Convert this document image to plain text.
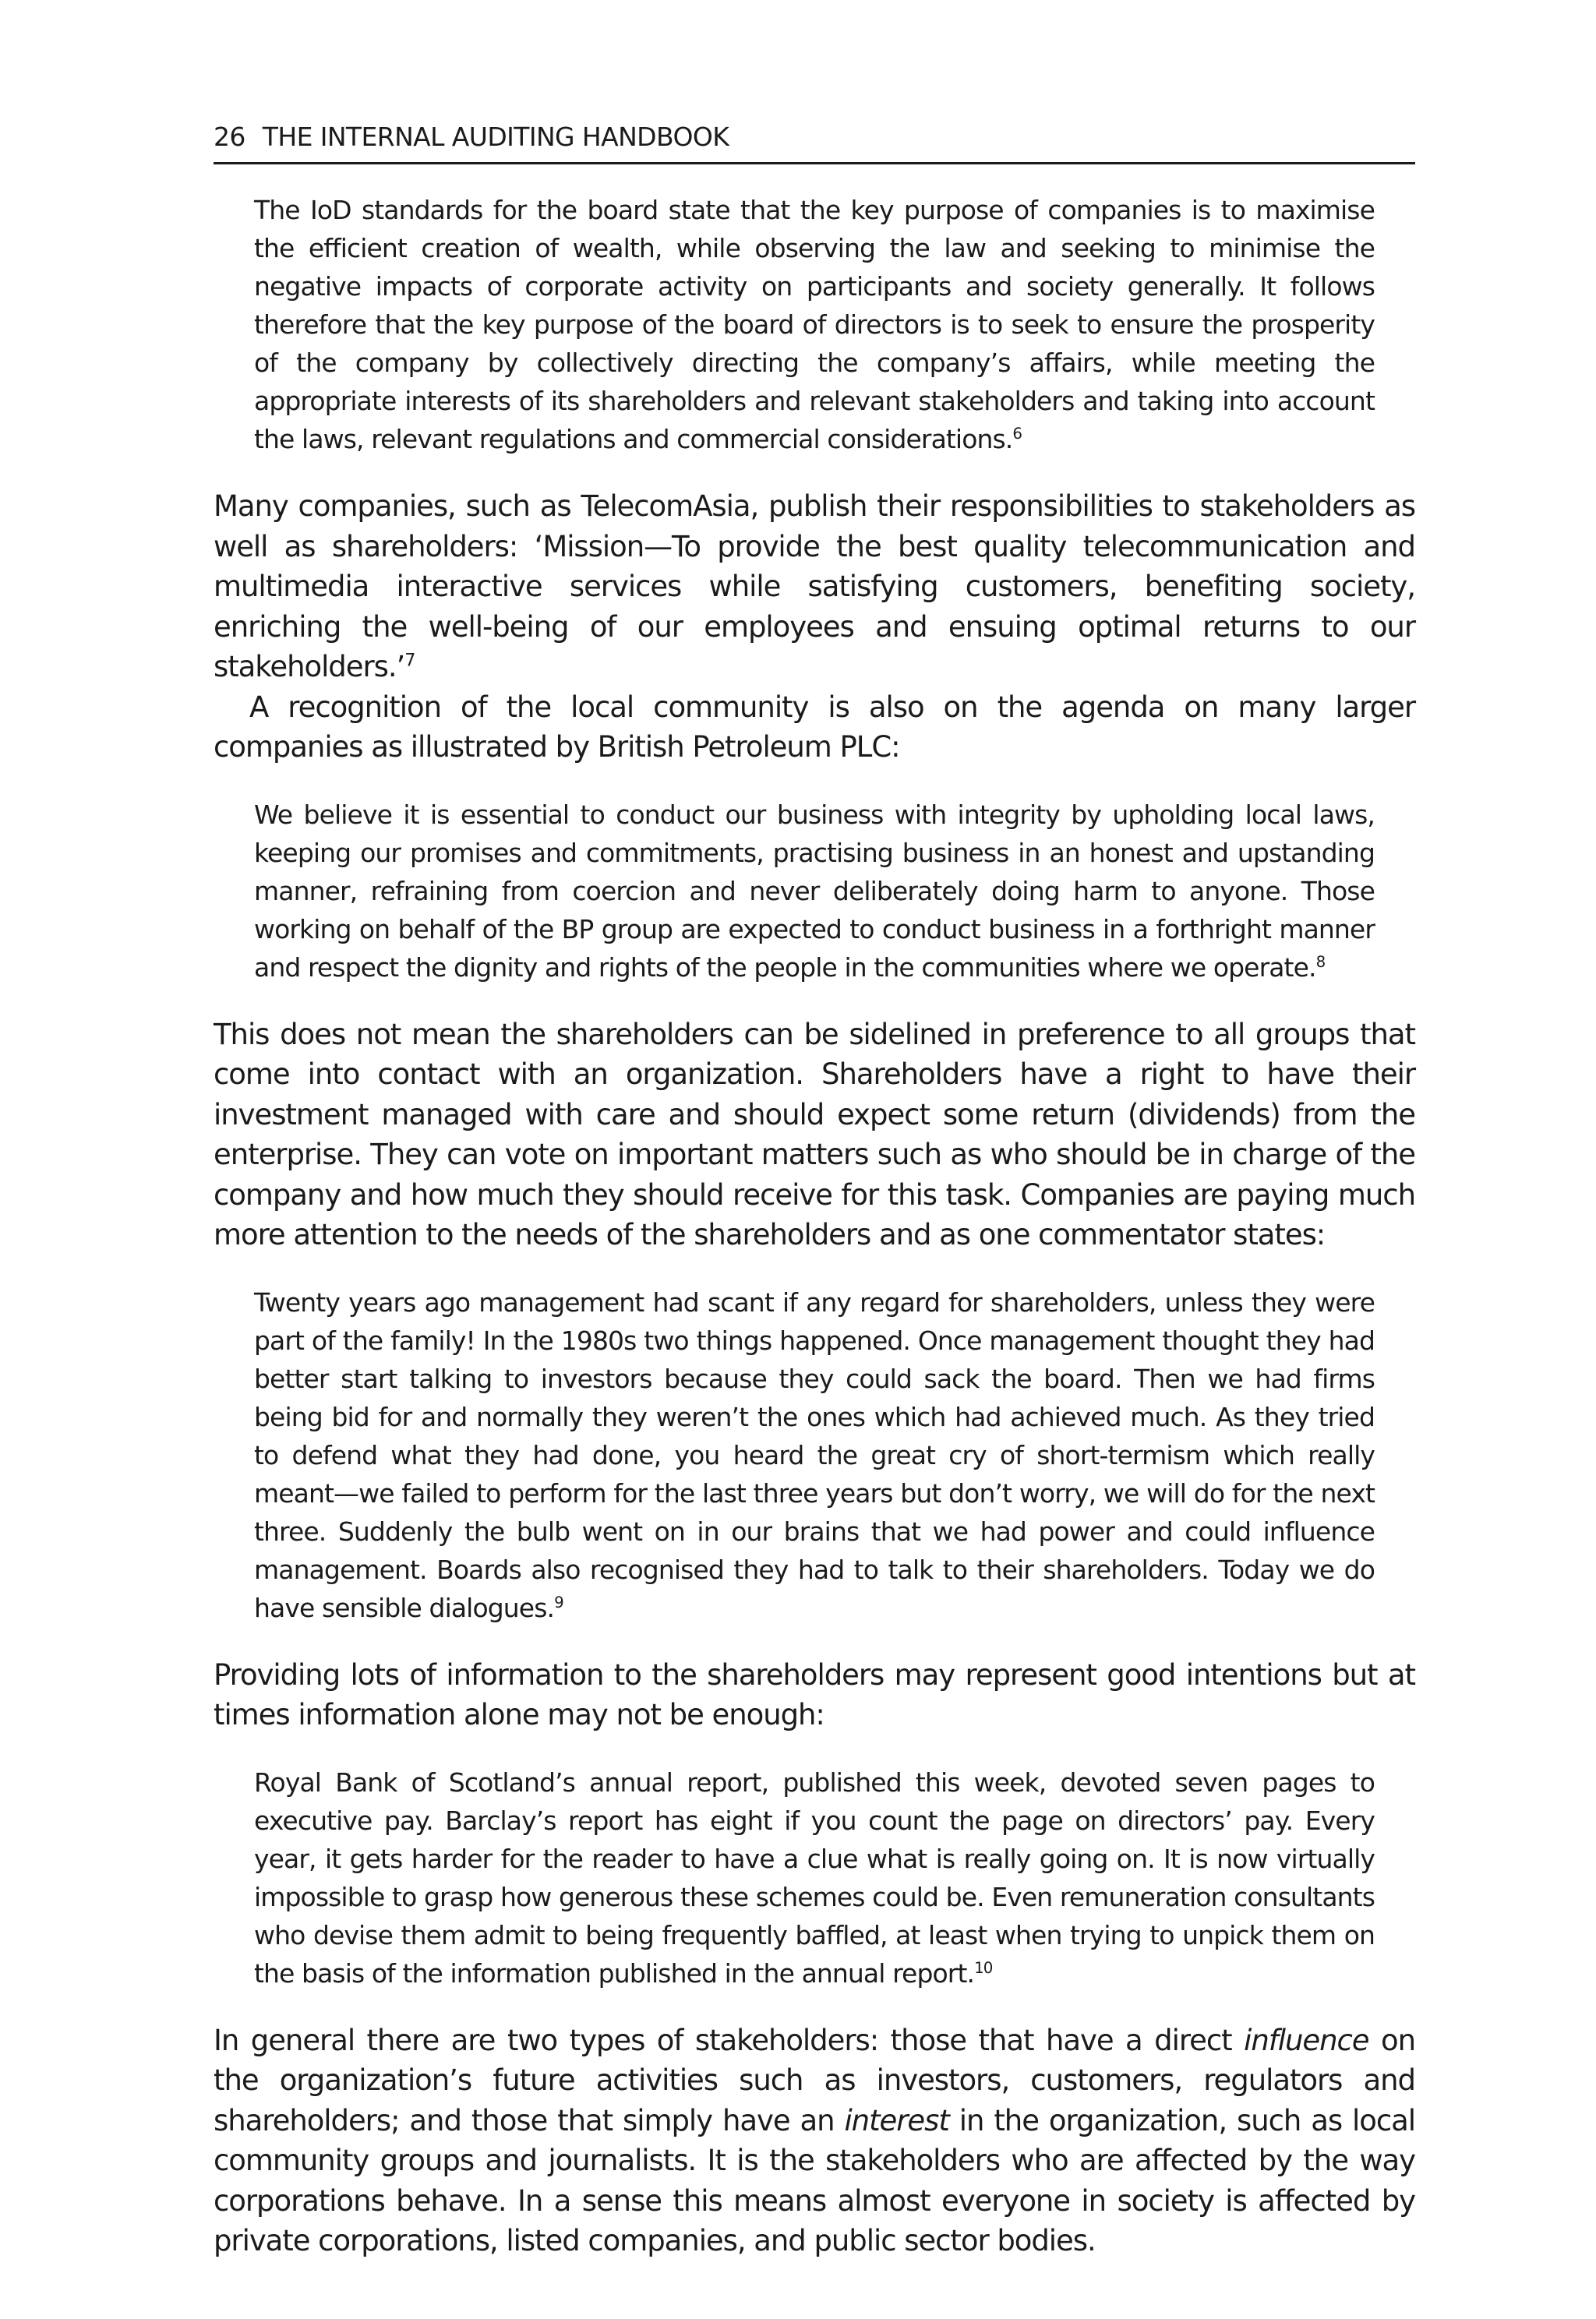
26 THE INTERNAL AUDITING HANDBOOK

The IoD standards for the board state that the key purpose of companies is to maximise the efficient creation of wealth, while observing the law and seeking to minimise the negative impacts of corporate activity on participants and society generally. It follows therefore that the key purpose of the board of directors is to seek to ensure the prosperity of the company by collectively directing the company’s affairs, while meeting the appropriate interests of its shareholders and relevant stakeholders and taking into account the laws, relevant regulations and commercial considerations.$^6$

Many companies, such as TelecomAsia, publish their responsibilities to stakeholders as well as shareholders: ‘Mission—To provide the best quality telecommunication and multimedia interactive services while satisfying customers, benefiting society, enriching the well-being of our employees and ensuing optimal returns to our stakeholders.’$^7$

A recognition of the local community is also on the agenda on many larger companies as illustrated by British Petroleum PLC:

We believe it is essential to conduct our business with integrity by upholding local laws, keeping our promises and commitments, practising business in an honest and upstanding manner, refraining from coercion and never deliberately doing harm to anyone. Those working on behalf of the BP group are expected to conduct business in a forthright manner and respect the dignity and rights of the people in the communities where we operate.$^8$

This does not mean the shareholders can be sidelined in preference to all groups that come into contact with an organization. Shareholders have a right to have their investment managed with care and should expect some return (dividends) from the enterprise. They can vote on important matters such as who should be in charge of the company and how much they should receive for this task. Companies are paying much more attention to the needs of the shareholders and as one commentator states:

Twenty years ago management had scant if any regard for shareholders, unless they were part of the family! In the 1980s two things happened. Once management thought they had better start talking to investors because they could sack the board. Then we had firms being bid for and normally they weren’t the ones which had achieved much. As they tried to defend what they had done, you heard the great cry of short-termism which really meant—we failed to perform for the last three years but don’t worry, we will do for the next three. Suddenly the bulb went on in our brains that we had power and could influence management. Boards also recognised they had to talk to their shareholders. Today we do have sensible dialogues.$^9$

Providing lots of information to the shareholders may represent good intentions but at times information alone may not be enough:

Royal Bank of Scotland’s annual report, published this week, devoted seven pages to executive pay. Barclay’s report has eight if you count the page on directors’ pay. Every year, it gets harder for the reader to have a clue what is really going on. It is now virtually impossible to grasp how generous these schemes could be. Even remuneration consultants who devise them admit to being frequently baffled, at least when trying to unpick them on the basis of the information published in the annual report.$^{10}$

In general there are two types of stakeholders: those that have a direct influence on the organization’s future activities such as investors, customers, regulators and shareholders; and those that simply have an interest in the organization, such as local community groups and journalists. It is the stakeholders who are affected by the way corporations behave. In a sense this means almost everyone in society is affected by private corporations, listed companies, and public sector bodies.
